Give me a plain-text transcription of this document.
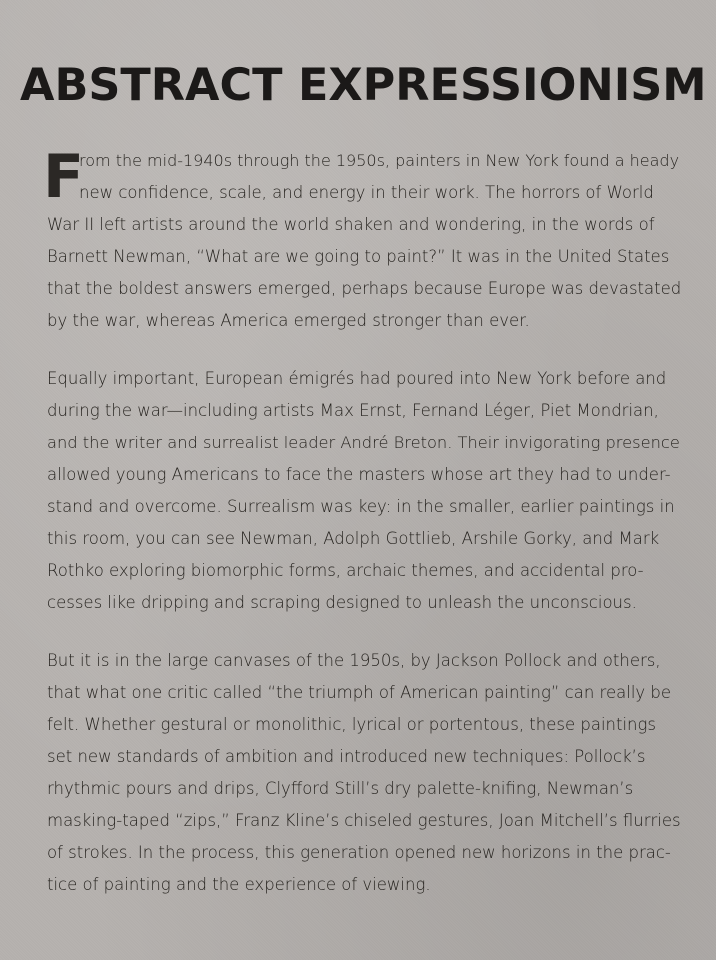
ABSTRACT EXPRESSIONISM
F
rom the mid-1940s through the 1950s, painters in New York found a heady
new confidence, scale, and energy in their work. The horrors of World
War II left artists around the world shaken and wondering, in the words of
Barnett Newman, “What are we going to paint?” It was in the United States
that the boldest answers emerged, perhaps because Europe was devastated
by the war, whereas America emerged stronger than ever.
Equally important, European émigrés had poured into New York before and
during the war—including artists Max Ernst, Fernand Léger, Piet Mondrian,
and the writer and surrealist leader André Breton. Their invigorating presence
allowed young Americans to face the masters whose art they had to under-
stand and overcome. Surrealism was key: in the smaller, earlier paintings in
this room, you can see Newman, Adolph Gottlieb, Arshile Gorky, and Mark
Rothko exploring biomorphic forms, archaic themes, and accidental pro-
cesses like dripping and scraping designed to unleash the unconscious.
But it is in the large canvases of the 1950s, by Jackson Pollock and others,
that what one critic called “the triumph of American painting” can really be
felt. Whether gestural or monolithic, lyrical or portentous, these paintings
set new standards of ambition and introduced new techniques: Pollock’s
rhythmic pours and drips, Clyfford Still’s dry palette-knifing, Newman’s
masking-taped “zips,” Franz Kline’s chiseled gestures, Joan Mitchell’s flurries
of strokes. In the process, this generation opened new horizons in the prac-
tice of painting and the experience of viewing.
